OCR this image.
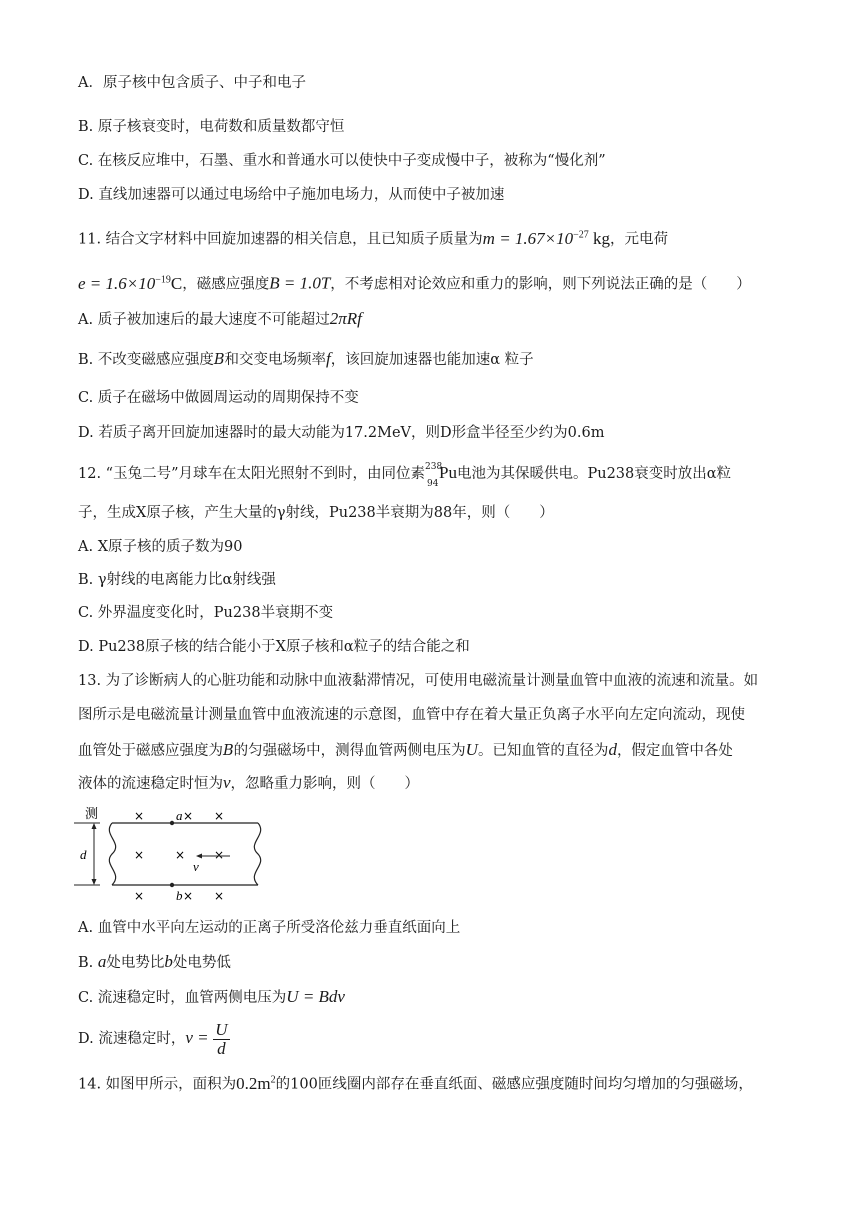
A．原子核中包含质子、中子和电子
B. 原子核衰变时，电荷数和质量数都守恒
C. 在核反应堆中，石墨、重水和普通水可以使快中子变成慢中子，被称为“慢化剂”
D. 直线加速器可以通过电场给中子施加电场力，从而使中子被加速
11. 结合文字材料中回旋加速器的相关信息，且已知质子质量为$m = 1.67\times 10^{-27}$ kg，元电荷
$e = 1.6\times 10^{-19}C$，磁感应强度B = 1.0T，不考虑相对论效应和重力的影响，则下列说法正确的是（　　）
A. 质子被加速后的最大速度不可能超过2πRf
B. 不改变磁感应强度B和交变电场频率f，该回旋加速器也能加速α 粒子
C. 质子在磁场中做圆周运动的周期保持不变
D. 若质子离开回旋加速器时的最大动能为17.2MeV，则D形盒半径至少约为0.6m
12. “玉兔二号”月球车在太阳光照射不到时，由同位素 238
94
Pu电池为其保暖供电。Pu238衰变时放出α粒
子，生成X原子核，产生大量的γ射线，Pu238半衰期为88年，则（　　）
A. X原子核的质子数为90
B. γ射线的电离能力比α射线强
C. 外界温度变化时，Pu238半衰期不变
D. Pu238原子核的结合能小于X原子核和α粒子的结合能之和
13. 为了诊断病人的心脏功能和动脉中血液黏滞情况，可使用电磁流量计测量血管中血液的流速和流量。如
图所示是电磁流量计测量血管中血液流速的示意图，血管中存在着大量正负离子水平向左定向流动，现使
血管处于磁感应强度为B的匀强磁场中，测得血管两侧电压为U。已知血管的直径为d，假定血管中各处
液体的流速稳定时恒为v，忽略重力影响，则（　　）
测
d
× a × ×
×	× ×
v
× b × ×
A. 血管中水平向左运动的正离子所受洛伦兹力垂直纸面向上
B. a处电势比b处电势低
C. 流速稳定时，血管两侧电压为U = Bdv
D. 流速稳定时，$v = \frac{U}{d}$
14. 如图甲所示，面积为$0.2m^2$的100匝线圈内部存在垂直纸面、磁感应强度随时间均匀增加的匀强磁场，
